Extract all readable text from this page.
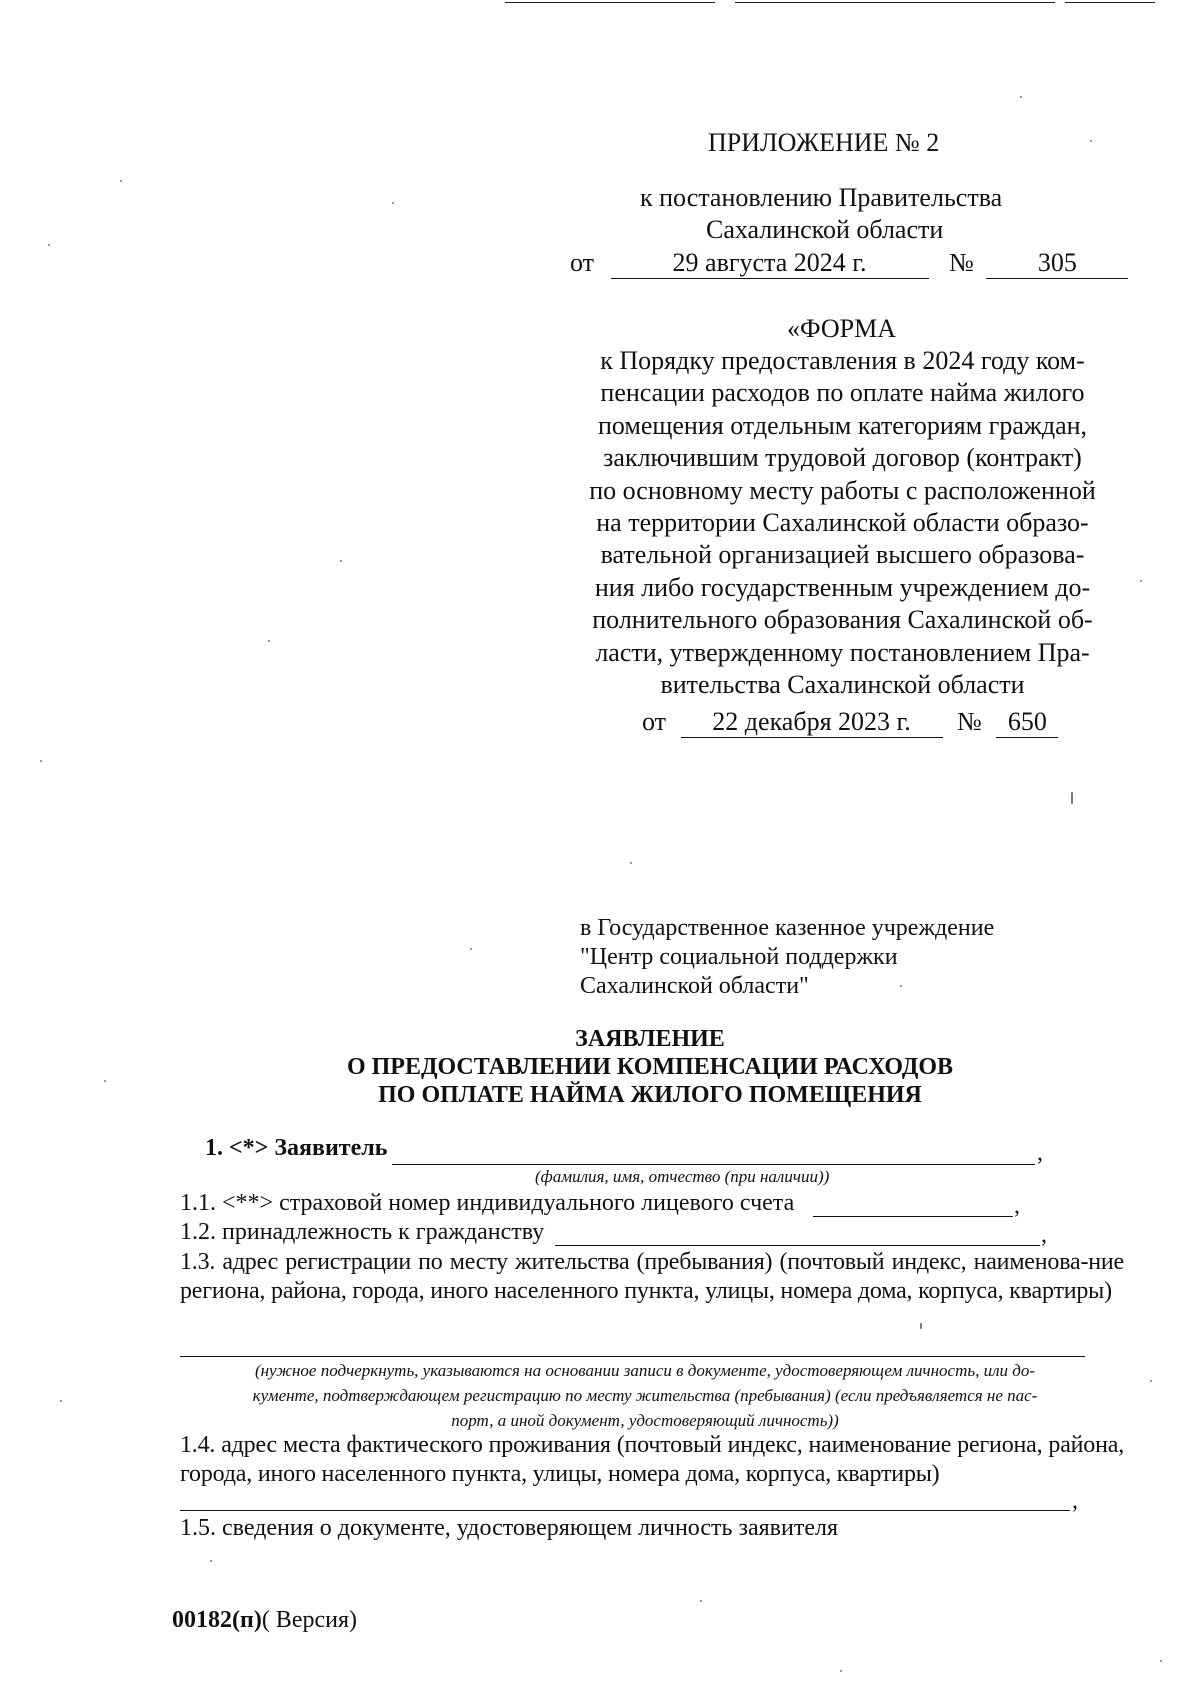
ПРИЛОЖЕНИЕ № 2
к постановлению Правительства
Сахалинской области
от	29 августа 2024 г.	№ 305
«ФОРМА
к Порядку предоставления в 2024 году ком-
пенсации расходов по оплате найма жилого
помещения отдельным категориям граждан,
заключившим трудовой договор (контракт)
по основному месту работы с расположенной
на территории Сахалинской области образо-
вательной организацией высшего образова-
ния либо государственным учреждением до-
полнительного образования Сахалинской об-
ласти, утвержденному постановлением Пра-
вительства Сахалинской области
от 22 декабря 2023 г. № 650
в Государственное казенное учреждение
"Центр социальной поддержки
Сахалинской области"
ЗАЯВЛЕНИЕ
О ПРЕДОСТАВЛЕНИИ КОМПЕНСАЦИИ РАСХОДОВ
ПО ОПЛАТЕ НАЙМА ЖИЛОГО ПОМЕЩЕНИЯ
1. <*> Заявитель	,
(фамилия, имя, отчество (при наличии))
1.1. <**> страховой номер индивидуального лицевого счета	,
1.2. принадлежность к гражданству	,
1.3. адрес регистрации по месту жительства (пребывания) (почтовый индекс, наименова-ние региона, района, города, иного населенного пункта, улицы, номера дома, корпуса, квартиры)
(нужное подчеркнуть, указываются на основании записи в документе, удостоверяющем личность, или до-
кументе, подтверждающем регистрацию по месту жительства (пребывания) (если предъявляется не пас-
порт, а иной документ, удостоверяющий личность))
1.4. адрес места фактического проживания (почтовый индекс, наименование региона, района, города, иного населенного пункта, улицы, номера дома, корпуса, квартиры)
,
1.5. сведения о документе, удостоверяющем личность заявителя
00182(п)( Версия)
